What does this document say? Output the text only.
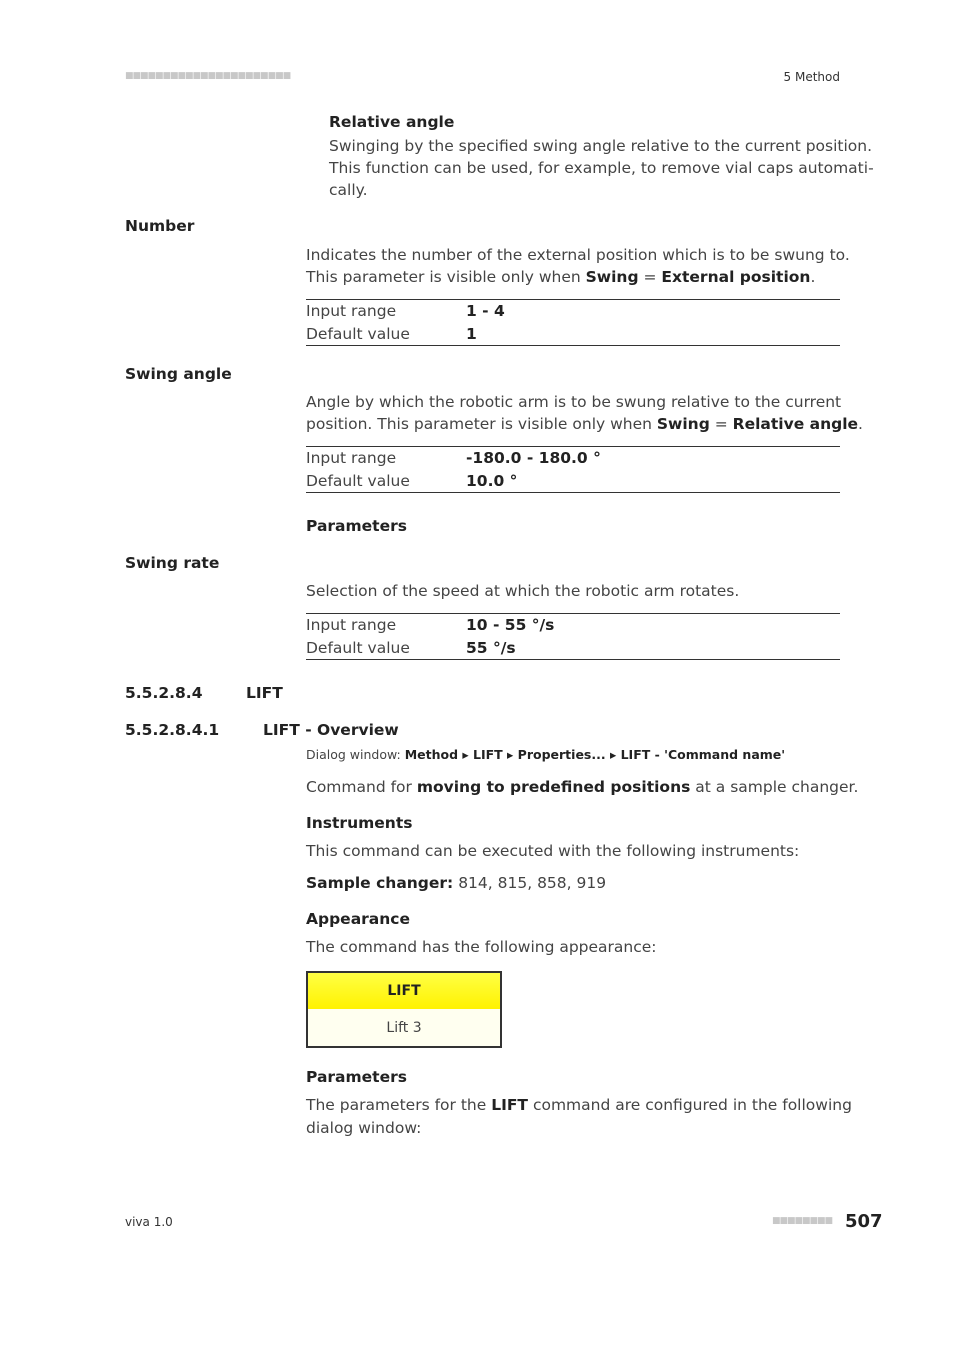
■■■■■■■■■■■■■■■■■■■■■■	5 Method
Relative angle
Swinging by the specified swing angle relative to the current position.
This function can be used, for example, to remove vial caps automati-
cally.
Number
Indicates the number of the external position which is to be swung to.
This parameter is visible only when Swing = External position.
Input range	1 - 4
Default value	1
Swing angle
Angle by which the robotic arm is to be swung relative to the current
position. This parameter is visible only when Swing = Relative angle.
Input range	-180.0 - 180.0 °
Default value	10.0 °
Parameters
Swing rate
Selection of the speed at which the robotic arm rotates.
Input range	10 - 55 °/s
Default value	55 °/s
5.5.2.8.4	LIFT
5.5.2.8.4.1	LIFT - Overview
Dialog window: Method ▸ LIFT ▸ Properties... ▸ LIFT - 'Command name'
Command for moving to predefined positions at a sample changer.
Instruments
This command can be executed with the following instruments:
Sample changer: 814, 815, 858, 919
Appearance
The command has the following appearance:
LIFT
Lift 3
Parameters
The parameters for the LIFT command are configured in the following
dialog window:
viva 1.0	■■■■■■■■ 507
